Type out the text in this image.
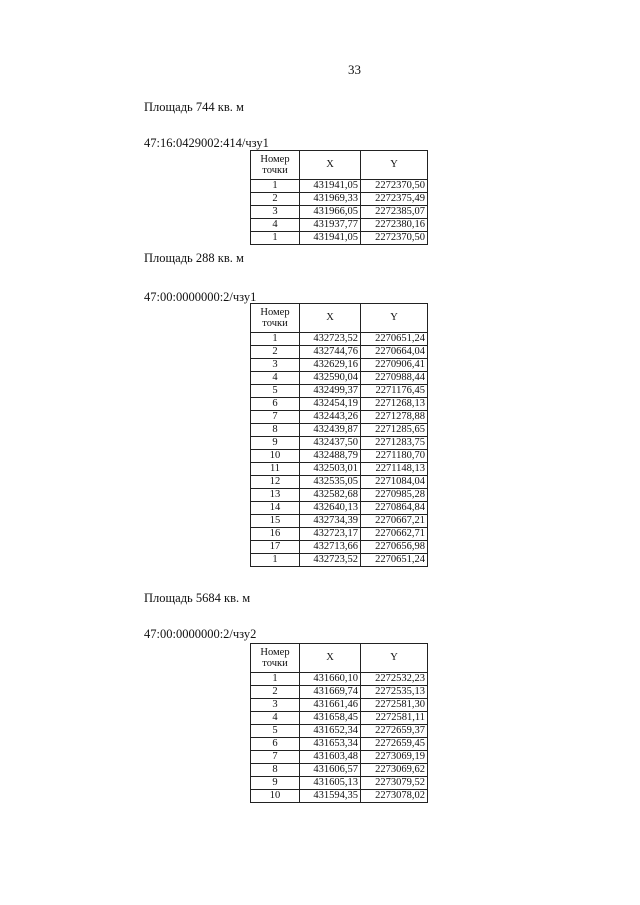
33
Площадь 744 кв. м
47:16:0429002:414/чзу1
Номер точки	X	Y
1	431941,05	2272370,50
2	431969,33	2272375,49
3	431966,05	2272385,07
4	431937,77	2272380,16
1	431941,05	2272370,50
Площадь 288 кв. м
47:00:0000000:2/чзу1
Номер точки	X	Y
1	432723,52	2270651,24
2	432744,76	2270664,04
3	432629,16	2270906,41
4	432590,04	2270988,44
5	432499,37	2271176,45
6	432454,19	2271268,13
7	432443,26	2271278,88
8	432439,87	2271285,65
9	432437,50	2271283,75
10	432488,79	2271180,70
11	432503,01	2271148,13
12	432535,05	2271084,04
13	432582,68	2270985,28
14	432640,13	2270864,84
15	432734,39	2270667,21
16	432723,17	2270662,71
17	432713,66	2270656,98
1	432723,52	2270651,24
Площадь 5684 кв. м
47:00:0000000:2/чзу2
Номер точки	X	Y
1	431660,10	2272532,23
2	431669,74	2272535,13
3	431661,46	2272581,30
4	431658,45	2272581,11
5	431652,34	2272659,37
6	431653,34	2272659,45
7	431603,48	2273069,19
8	431606,57	2273069,62
9	431605,13	2273079,52
10	431594,35	2273078,02
